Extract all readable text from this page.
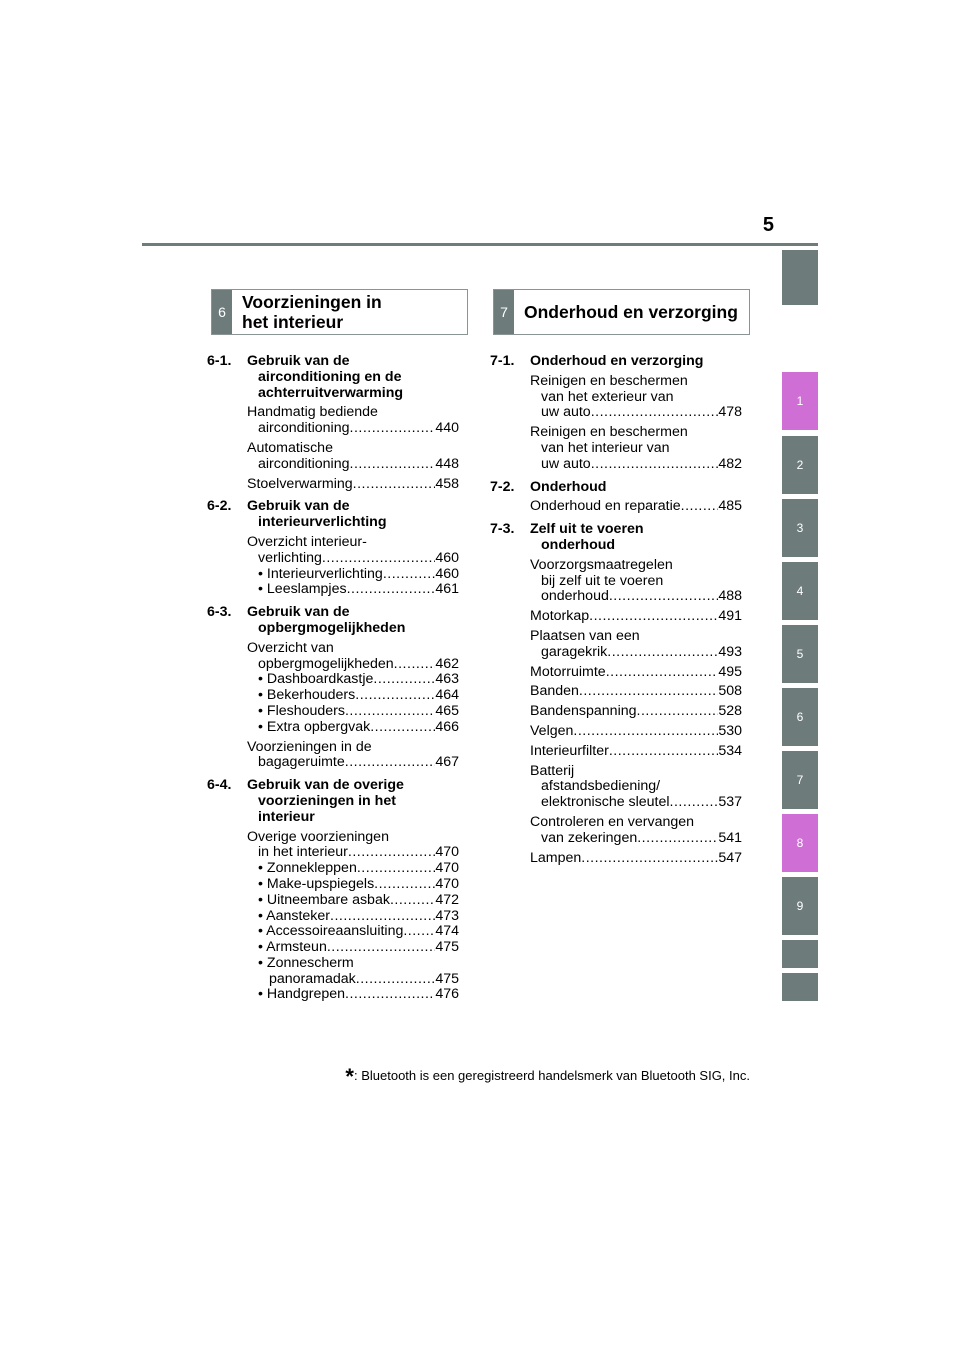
5
1
2
3
4
5
6
7
8
9
6 Voorzieningen in
het interieur	7 Onderhoud en verzorging
6-1.	Gebruik van de
airconditioning en de
achterruitverwarming
Handmatig bediende
airconditioning .....	440
Automatische
airconditioning .....	448
Stoelverwarming .....	458
6-2.	Gebruik van de
interieurverlichting
Overzicht interieur-
verlichting .....	460
• Interieurverlichting .....	460
• Leeslampjes .....	461
6-3.	Gebruik van de
opbergmogelijkheden
Overzicht van
opbergmogelijkheden .....	462
• Dashboardkastje .....	463
• Bekerhouders .....	464
• Fleshouders .....	465
• Extra opbergvak .....	466
Voorzieningen in de
bagageruimte .....	467
6-4.	Gebruik van de overige
voorzieningen in het
interieur
Overige voorzieningen
in het interieur .....	470
• Zonnekleppen .....	470
• Make-upspiegels .....	470
• Uitneembare asbak .....	472
• Aansteker .....	473
• Accessoireaansluiting ..... 474
• Armsteun .....	475
• Zonnescherm
panoramadak .....	475
• Handgrepen .....	476
7-1.	Onderhoud en verzorging
Reinigen en beschermen
van het exterieur van
uw auto .....	478
Reinigen en beschermen
van het interieur van
uw auto .....	482
7-2.	Onderhoud
Onderhoud en reparatie .....	485
7-3.	Zelf uit te voeren
onderhoud
Voorzorgsmaatregelen
bij zelf uit te voeren
onderhoud .....	488
Motorkap .....	491
Plaatsen van een
garagekrik .....	493
Motorruimte .....	495
Banden .....	508
Bandenspanning .....	528
Velgen .....	530
Interieurfilter .....	534
Batterij
afstandsbediening/
elektronische sleutel .....	537
Controleren en vervangen
van zekeringen .....	541
Lampen .....	547
*: Bluetooth is een geregistreerd handelsmerk van Bluetooth SIG, Inc.
